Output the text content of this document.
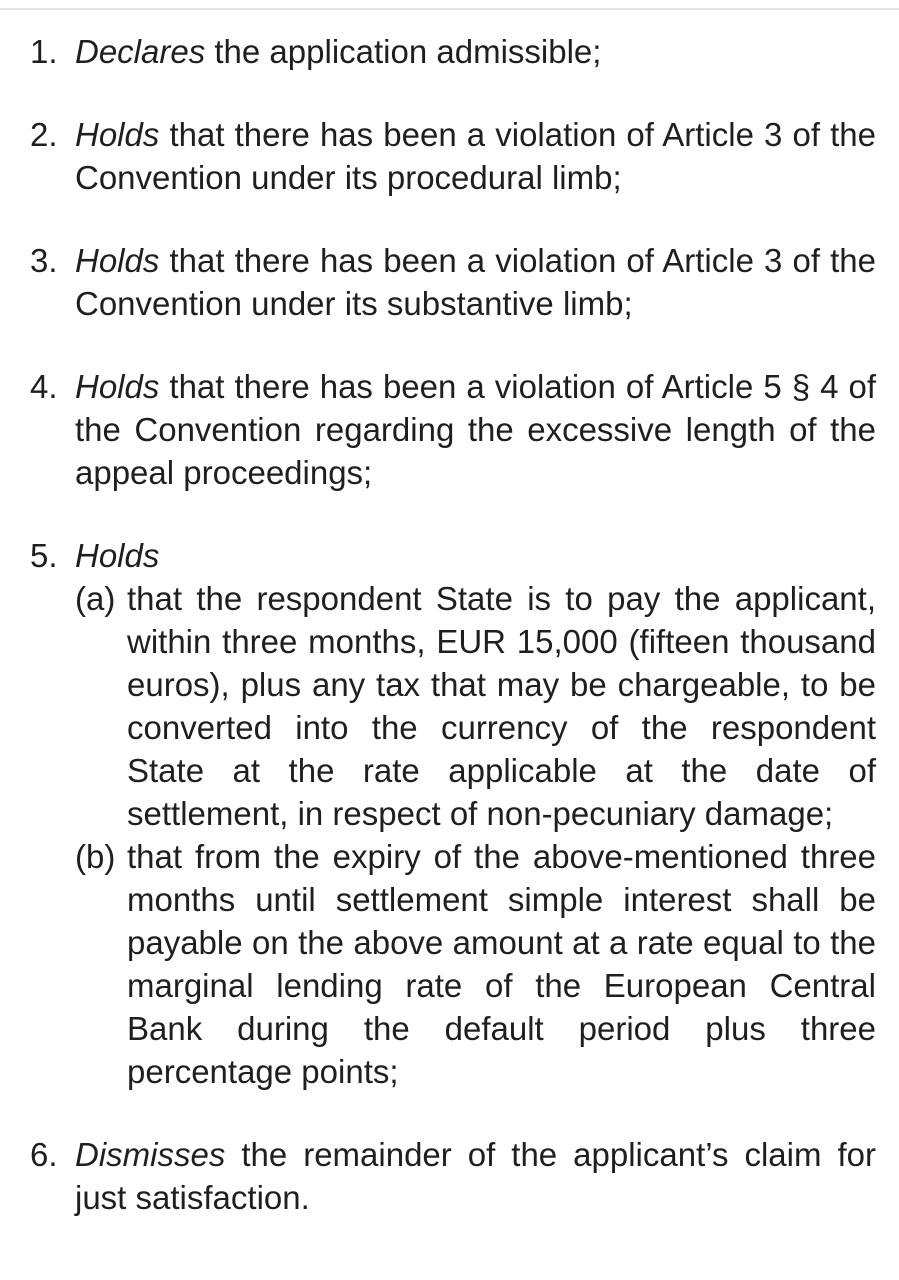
1. Declares the application admissible;
2. Holds that there has been a violation of Article 3 of the Convention under its procedural limb;
3. Holds that there has been a violation of Article 3 of the Convention under its substantive limb;
4. Holds that there has been a violation of Article 5 § 4 of the Convention regarding the excessive length of the appeal proceedings;
5. Holds
(a) that the respondent State is to pay the applicant, within three months, EUR 15,000 (fifteen thousand euros), plus any tax that may be chargeable, to be converted into the currency of the respondent State at the rate applicable at the date of settlement, in respect of non-pecuniary damage;
(b) that from the expiry of the above-mentioned three months until settlement simple interest shall be payable on the above amount at a rate equal to the marginal lending rate of the European Central Bank during the default period plus three percentage points;
6. Dismisses the remainder of the applicant’s claim for just satisfaction.
